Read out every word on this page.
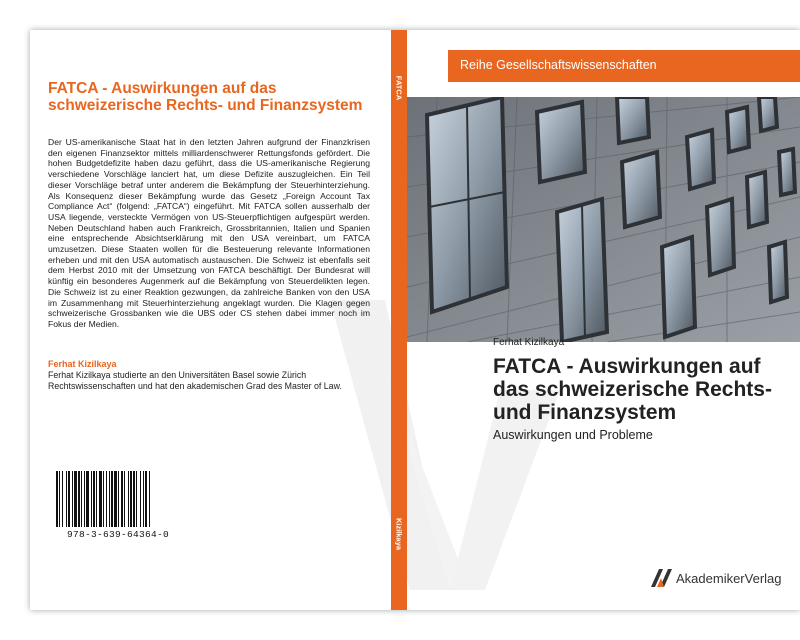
FATCA - Auswirkungen auf das schweizerische Rechts- und Finanzsystem
Der US-amerikanische Staat hat in den letzten Jahren aufgrund der Finanzkrisen den eigenen Finanzsektor mittels milliardenschwerer Rettungsfonds gefördert. Die hohen Budgetdefizite haben dazu geführt, dass die US-amerikanische Regierung verschiedene Vorschläge lanciert hat, um diese Defizite auszugleichen. Ein Teil dieser Vorschläge betraf unter anderem die Bekämpfung der Steuerhinterziehung. Als Konsequenz dieser Bekämpfung wurde das Gesetz „Foreign Account Tax Compliance Act“ (folgend: „FATCA“) eingeführt. Mit FATCA sollen ausserhalb der USA liegende, versteckte Vermögen von US-Steuerpflichtigen aufgespürt werden. Neben Deutschland haben auch Frankreich, Grossbritannien, Italien und Spanien eine entsprechende Absichtserklärung mit den USA vereinbart, um FATCA umzusetzen. Diese Staaten wollen für die Besteuerung relevante Informationen erheben und mit den USA automatisch austauschen. Die Schweiz ist ebenfalls seit dem Herbst 2010 mit der Umsetzung von FATCA beschäftigt. Der Bundesrat will künftig ein besonderes Augenmerk auf die Bekämpfung von Steuerdelikten legen. Die Schweiz ist zu einer Reaktion gezwungen, da zahlreiche Banken von den USA im Zusammenhang mit Steuerhinterziehung angeklagt wurden. Die Klagen gegen schweizerische Grossbanken wie die UBS oder CS stehen dabei immer noch im Fokus der Medien.
Ferhat Kizilkaya
Ferhat Kizilkaya studierte an den Universitäten Basel sowie Zürich Rechtswissenschaften und hat den akademischen Grad des Master of Law.
978-3-639-64364-0
FATCA
Kizilkaya
Reihe Gesellschaftswissenschaften
Ferhat Kizilkaya
FATCA - Auswirkungen auf das schweizerische Rechts- und Finanzsystem
Auswirkungen und Probleme
AkademikerVerlag
